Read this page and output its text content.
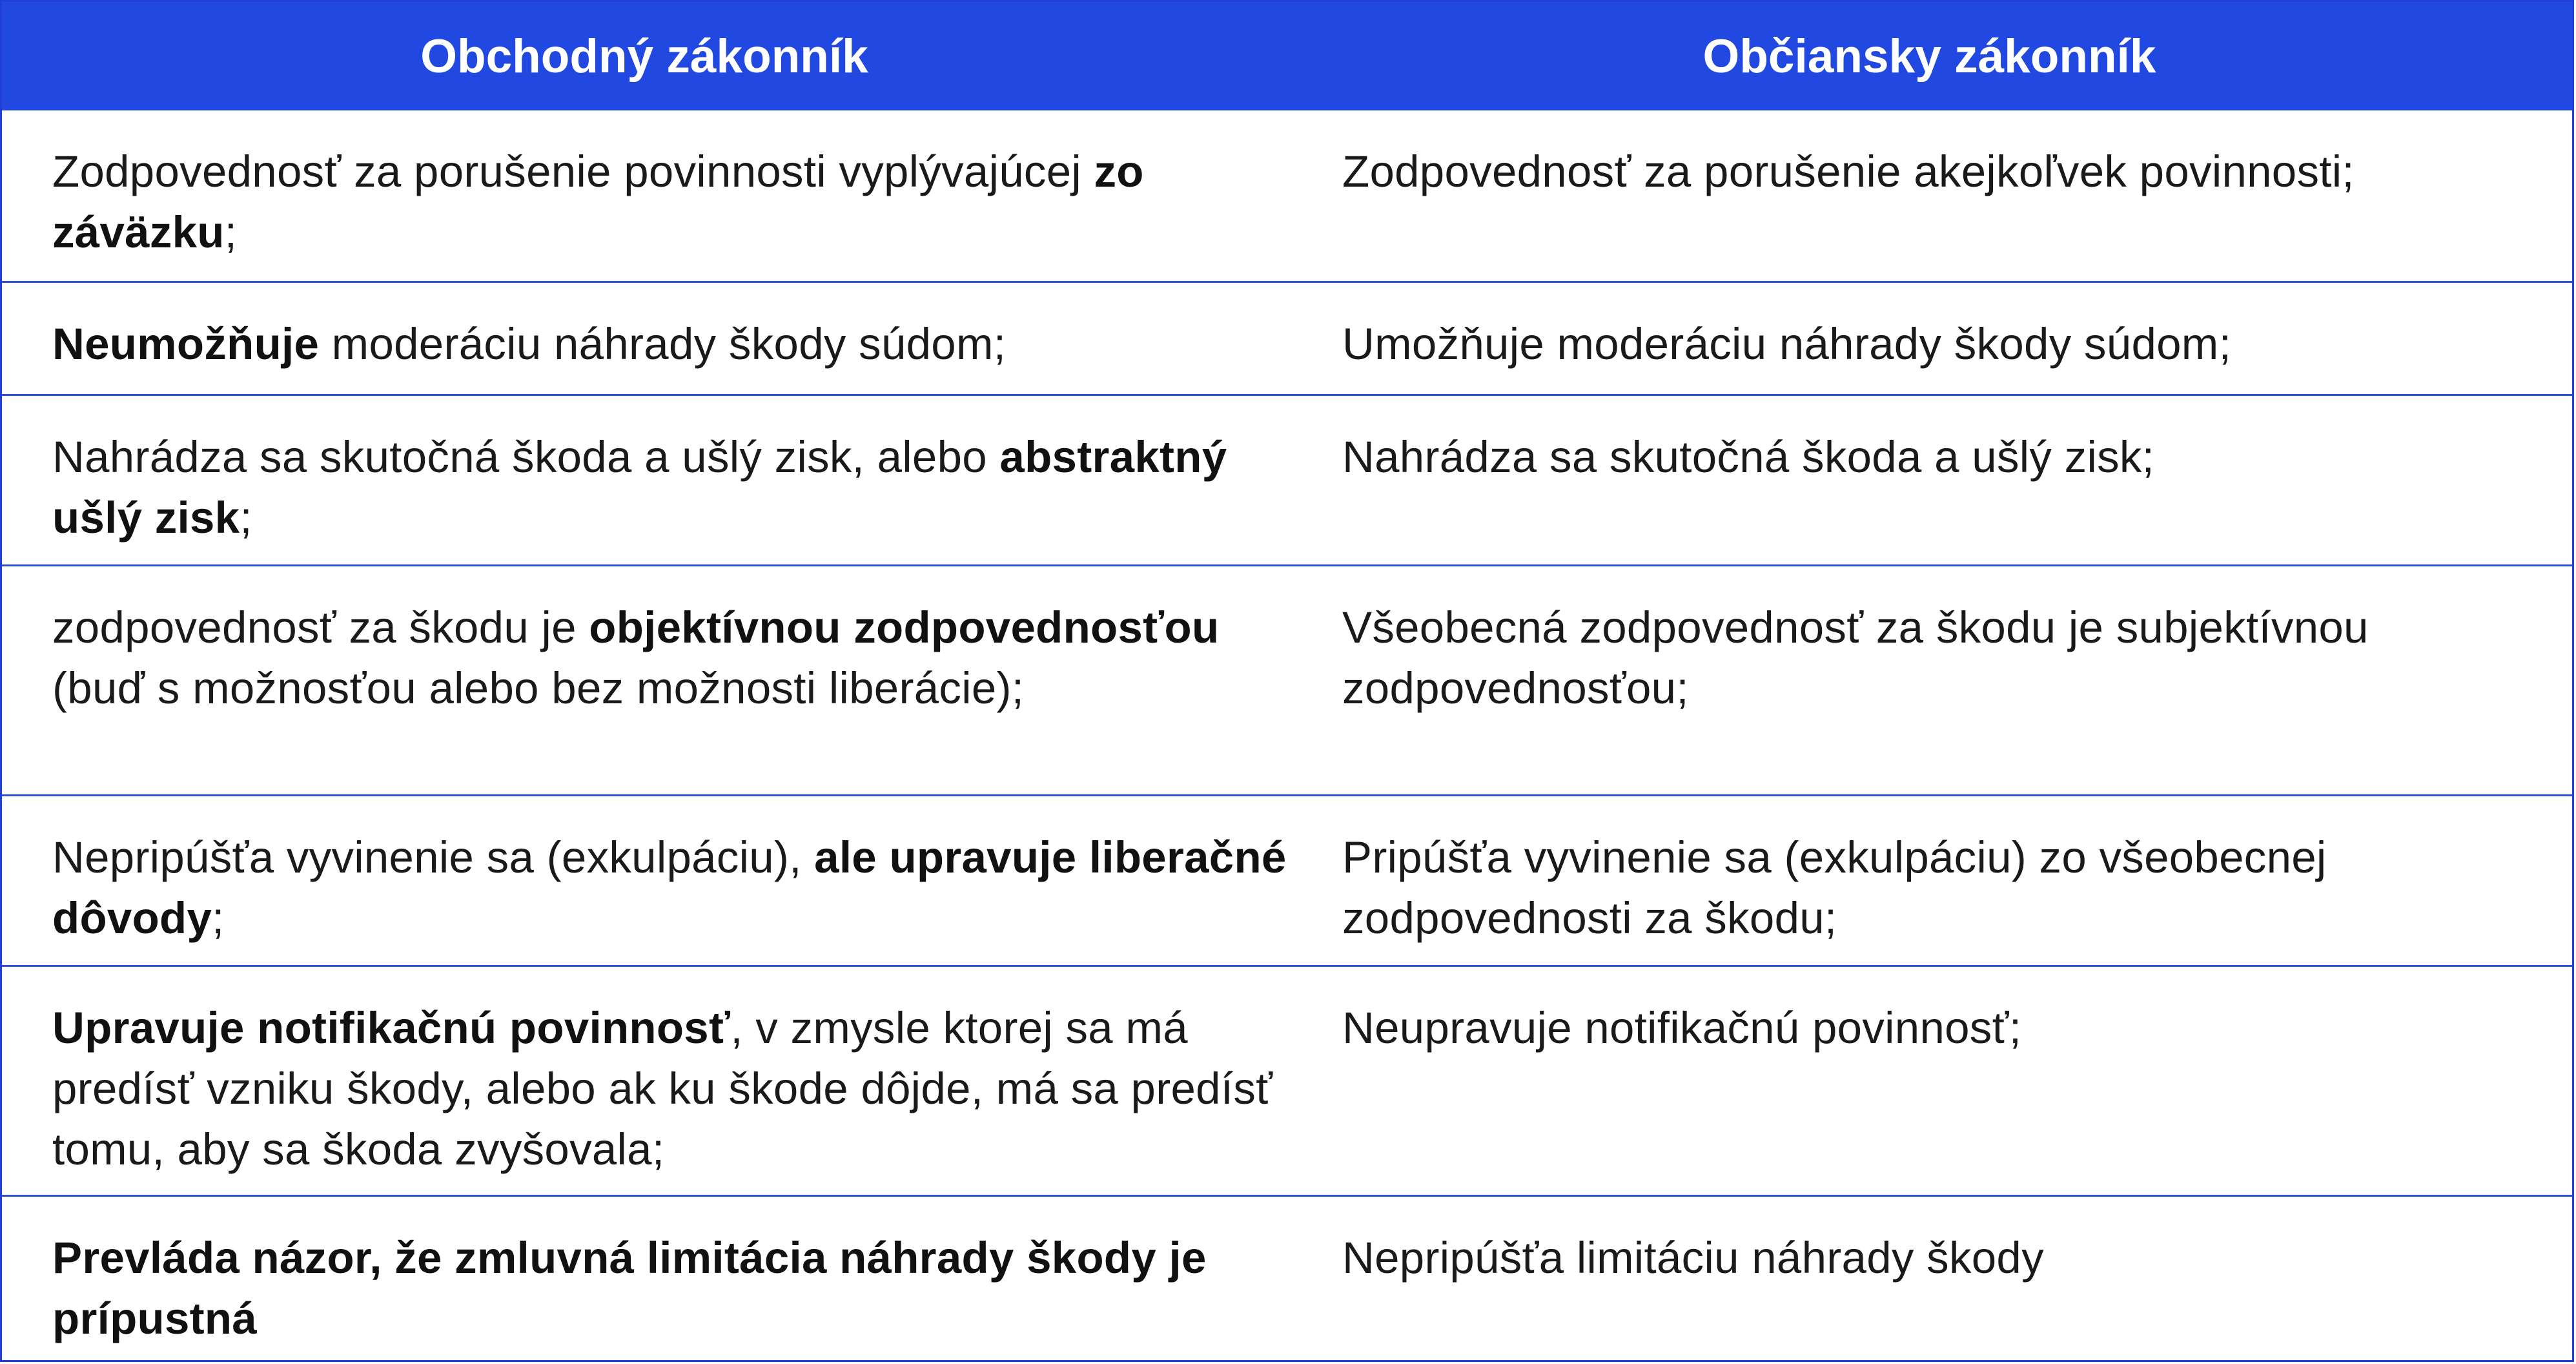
Obchodný zákonník	Občiansky zákonník
Zodpovednosť za porušenie povinnosti vyplývajúcej zo záväzku;
Zodpovednosť za porušenie akejkoľvek povinnosti;
Neumožňuje moderáciu náhrady škody súdom;	Umožňuje moderáciu náhrady škody súdom;
Nahrádza sa skutočná škoda a ušlý zisk, alebo abstraktný ušlý zisk;
Nahrádza sa skutočná škoda a ušlý zisk;
zodpovednosť za škodu je objektívnou zodpovednosťou (buď s možnosťou alebo bez možnosti liberácie);
Všeobecná zodpovednosť za škodu je subjektívnou zodpovednosťou;
Nepripúšťa vyvinenie sa (exkulpáciu), ale upravuje liberačné dôvody;
Pripúšťa vyvinenie sa (exkulpáciu) zo všeobecnej zodpovednosti za škodu;
Upravuje notifikačnú povinnosť, v zmysle ktorej sa má predísť vzniku škody, alebo ak ku škode dôjde, má sa predísť tomu, aby sa škoda zvyšovala;
Neupravuje notifikačnú povinnosť;
Prevláda názor, že zmluvná limitácia náhrady škody je prípustná
Nepripúšťa limitáciu náhrady škody
